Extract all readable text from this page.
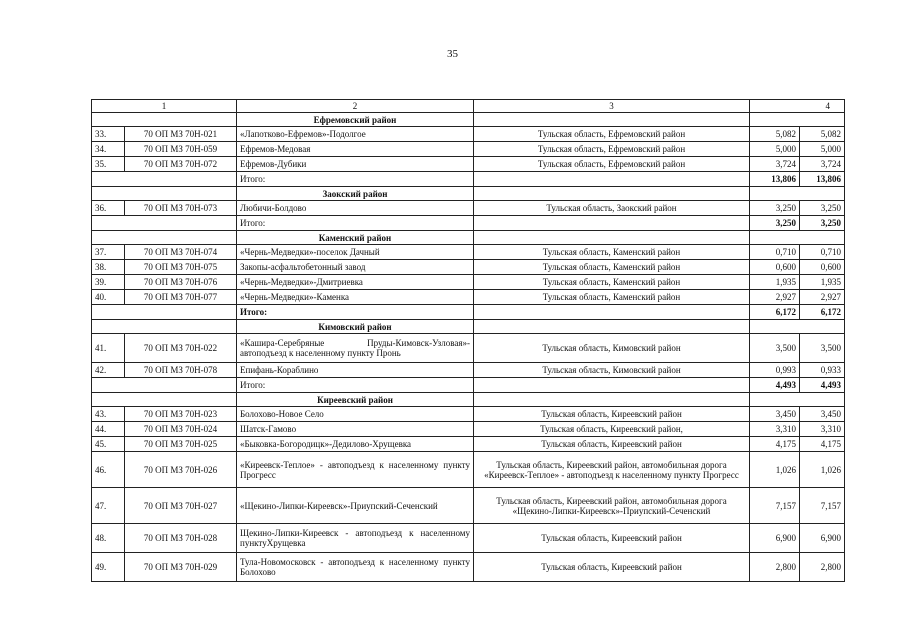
35
1		2	3	4	
		Ефремовский район			
33.	70 ОП МЗ 70Н-021	«Лапотково-Ефремов»-Подолгое	Тульская область, Ефремовский район	5,082	5,082
34.	70 ОП МЗ 70Н-059	Ефремов-Медовая	Тульская область, Ефремовский район	5,000	5,000
35.	70 ОП МЗ 70Н-072	Ефремов-Дубики	Тульская область, Ефремовский район	3,724	3,724
		Итого:		13,806	13,806
		Заокский район			
36.	70 ОП МЗ 70Н-073	Любичи-Болдово	Тульская область, Заокский район	3,250	3,250
		Итого:		3,250	3,250
		Каменский район			
37.	70 ОП МЗ 70Н-074	«Чернь-Медведки»-поселок Дачный	Тульская область, Каменский район	0,710	0,710
38.	70 ОП МЗ 70Н-075	Закопы-асфальтобетонный завод	Тульская область, Каменский район	0,600	0,600
39.	70 ОП МЗ 70Н-076	«Чернь-Медведки»-Дмитриевка	Тульская область, Каменский район	1,935	1,935
40.	70 ОП МЗ 70Н-077	«Чернь-Медведки»-Каменка	Тульская область, Каменский район	2,927	2,927
		Итого:		6,172	6,172
		Кимовский район			
41.	70 ОП МЗ 70Н-022	«Кашира-Серебряные Пруды-Кимовск-Узловая»-автоподъезд к населенному пункту Пронь	Тульская область, Кимовский район	3,500	3,500
42.	70 ОП МЗ 70Н-078	Епифань-Кораблино	Тульская область, Кимовский район	0,993	0,933
		Итого:		4,493	4,493
		Киреевский район			
43.	70 ОП МЗ 70Н-023	Болохово-Новое Село	Тульская область, Киреевский район	3,450	3,450
44.	70 ОП МЗ 70Н-024	Шатск-Гамово	Тульская область, Киреевский район,	3,310	3,310
45.	70 ОП МЗ 70Н-025	«Быковка-Богородицк»-Дедилово-Хрущевка	Тульская область, Киреевский район	4,175	4,175
46.	70 ОП МЗ 70Н-026	«Киреевск-Теплое» - автоподъезд к населенному пункту Прогресс	Тульская область, Киреевский район, автомобильная дорога «Киреевск-Теплое» - автоподъезд к населенному пункту Прогресс	1,026	1,026
47.	70 ОП МЗ 70Н-027	«Щекино-Липки-Киреевск»-Приупский-Сеченский	Тульская область, Киреевский район, автомобильная дорога «Щекино-Липки-Киреевск»-Приупский-Сеченский	7,157	7,157
48.	70 ОП МЗ 70Н-028	Щекино-Липки-Киреевск - автоподъезд к населенному пунктуХрущевка	Тульская область, Киреевский район	6,900	6,900
49.	70 ОП МЗ 70Н-029	Тула-Новомосковск - автоподъезд к населенному пункту Болохово	Тульская область, Киреевский район	2,800	2,800
